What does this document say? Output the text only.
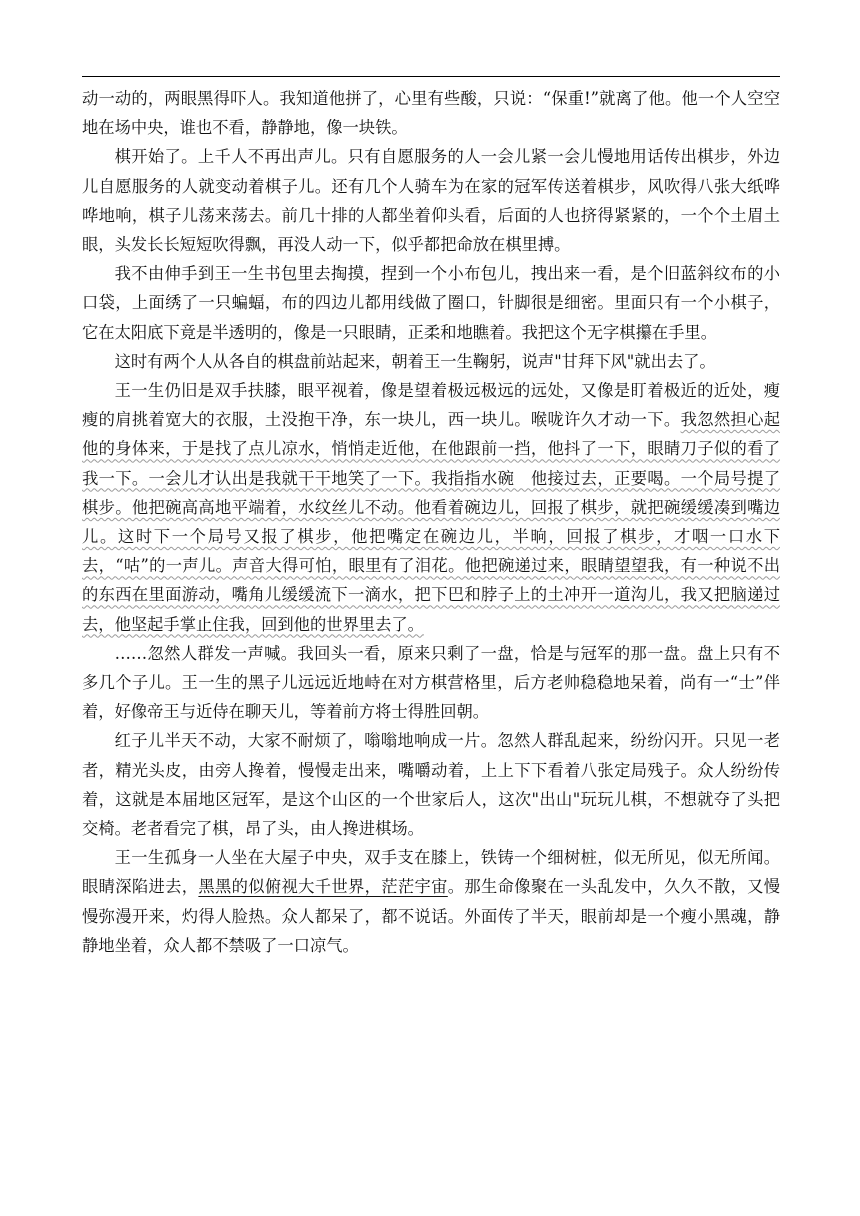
动一动的，两眼黑得吓人。我知道他拼了，心里有些酸，只说：“保重!”就离了他。他一个人空空地在场中央，谁也不看，静静地，像一块铁。

棋开始了。上千人不再出声儿。只有自愿服务的人一会儿紧一会儿慢地用话传出棋步，外边儿自愿服务的人就变动着棋子儿。还有几个人骑车为在家的冠军传送着棋步，风吹得八张大纸哗哗地响，棋子儿荡来荡去。前几十排的人都坐着仰头看，后面的人也挤得紧紧的，一个个土眉土眼，头发长长短短吹得飘，再没人动一下，似乎都把命放在棋里搏。

我不由伸手到王一生书包里去掏摸，捏到一个小布包儿，拽出来一看，是个旧蓝斜纹布的小口袋，上面绣了一只蝙蝠，布的四边儿都用线做了圈口，针脚很是细密。里面只有一个小棋子，它在太阳底下竟是半透明的，像是一只眼睛，正柔和地瞧着。我把这个无字棋攥在手里。

这时有两个人从各自的棋盘前站起来，朝着王一生鞠躬，说声"甘拜下风"就出去了。

王一生仍旧是双手扶膝，眼平视着，像是望着极远极远的远处，又像是盯着极近的近处，瘦瘦的肩挑着宽大的衣服，土没抱干净，东一块儿，西一块儿。喉咙许久才动一下。我忽然担心起他的身体来，于是找了点儿凉水，悄悄走近他，在他跟前一挡，他抖了一下，眼睛刀子似的看了我一下。一会儿才认出是我就干干地笑了一下。我指指水碗　他接过去，正要喝。一个局号提了棋步。他把碗高高地平端着，水纹丝儿不动。他看着碗边儿，回报了棋步，就把碗缓缓凑到嘴边儿。这时下一个局号又报了棋步，他把嘴定在碗边儿，半晌，回报了棋步，才咽一口水下去，“咕”的一声儿。声音大得可怕，眼里有了泪花。他把碗递过来，眼睛望望我，有一种说不出的东西在里面游动，嘴角儿缓缓流下一滴水，把下巴和脖子上的土冲开一道沟儿，我又把脑递过去，他坚起手掌止住我，回到他的世界里去了。

……忽然人群发一声喊。我回头一看，原来只剩了一盘，恰是与冠军的那一盘。盘上只有不多几个子儿。王一生的黑子儿远远近地峙在对方棋营格里，后方老帅稳稳地呆着，尚有一“士”伴着，好像帝王与近侍在聊天儿，等着前方将士得胜回朝。

红子儿半天不动，大家不耐烦了，嗡嗡地响成一片。忽然人群乱起来，纷纷闪开。只见一老者，精光头皮，由旁人搀着，慢慢走出来，嘴嚼动着，上上下下看着八张定局残子。众人纷纷传着，这就是本届地区冠军，是这个山区的一个世家后人，这次"出山"玩玩儿棋，不想就夺了头把交椅。老者看完了棋，昂了头，由人搀进棋场。

王一生孤身一人坐在大屋子中央，双手支在膝上，铁铸一个细树桩，似无所见，似无所闻。眼睛深陷进去，黑黑的似俯视大千世界，茫茫宇宙。那生命像聚在一头乱发中，久久不散，又慢慢弥漫开来，灼得人脸热。众人都呆了，都不说话。外面传了半天，眼前却是一个瘦小黑魂，静静地坐着，众人都不禁吸了一口凉气。
